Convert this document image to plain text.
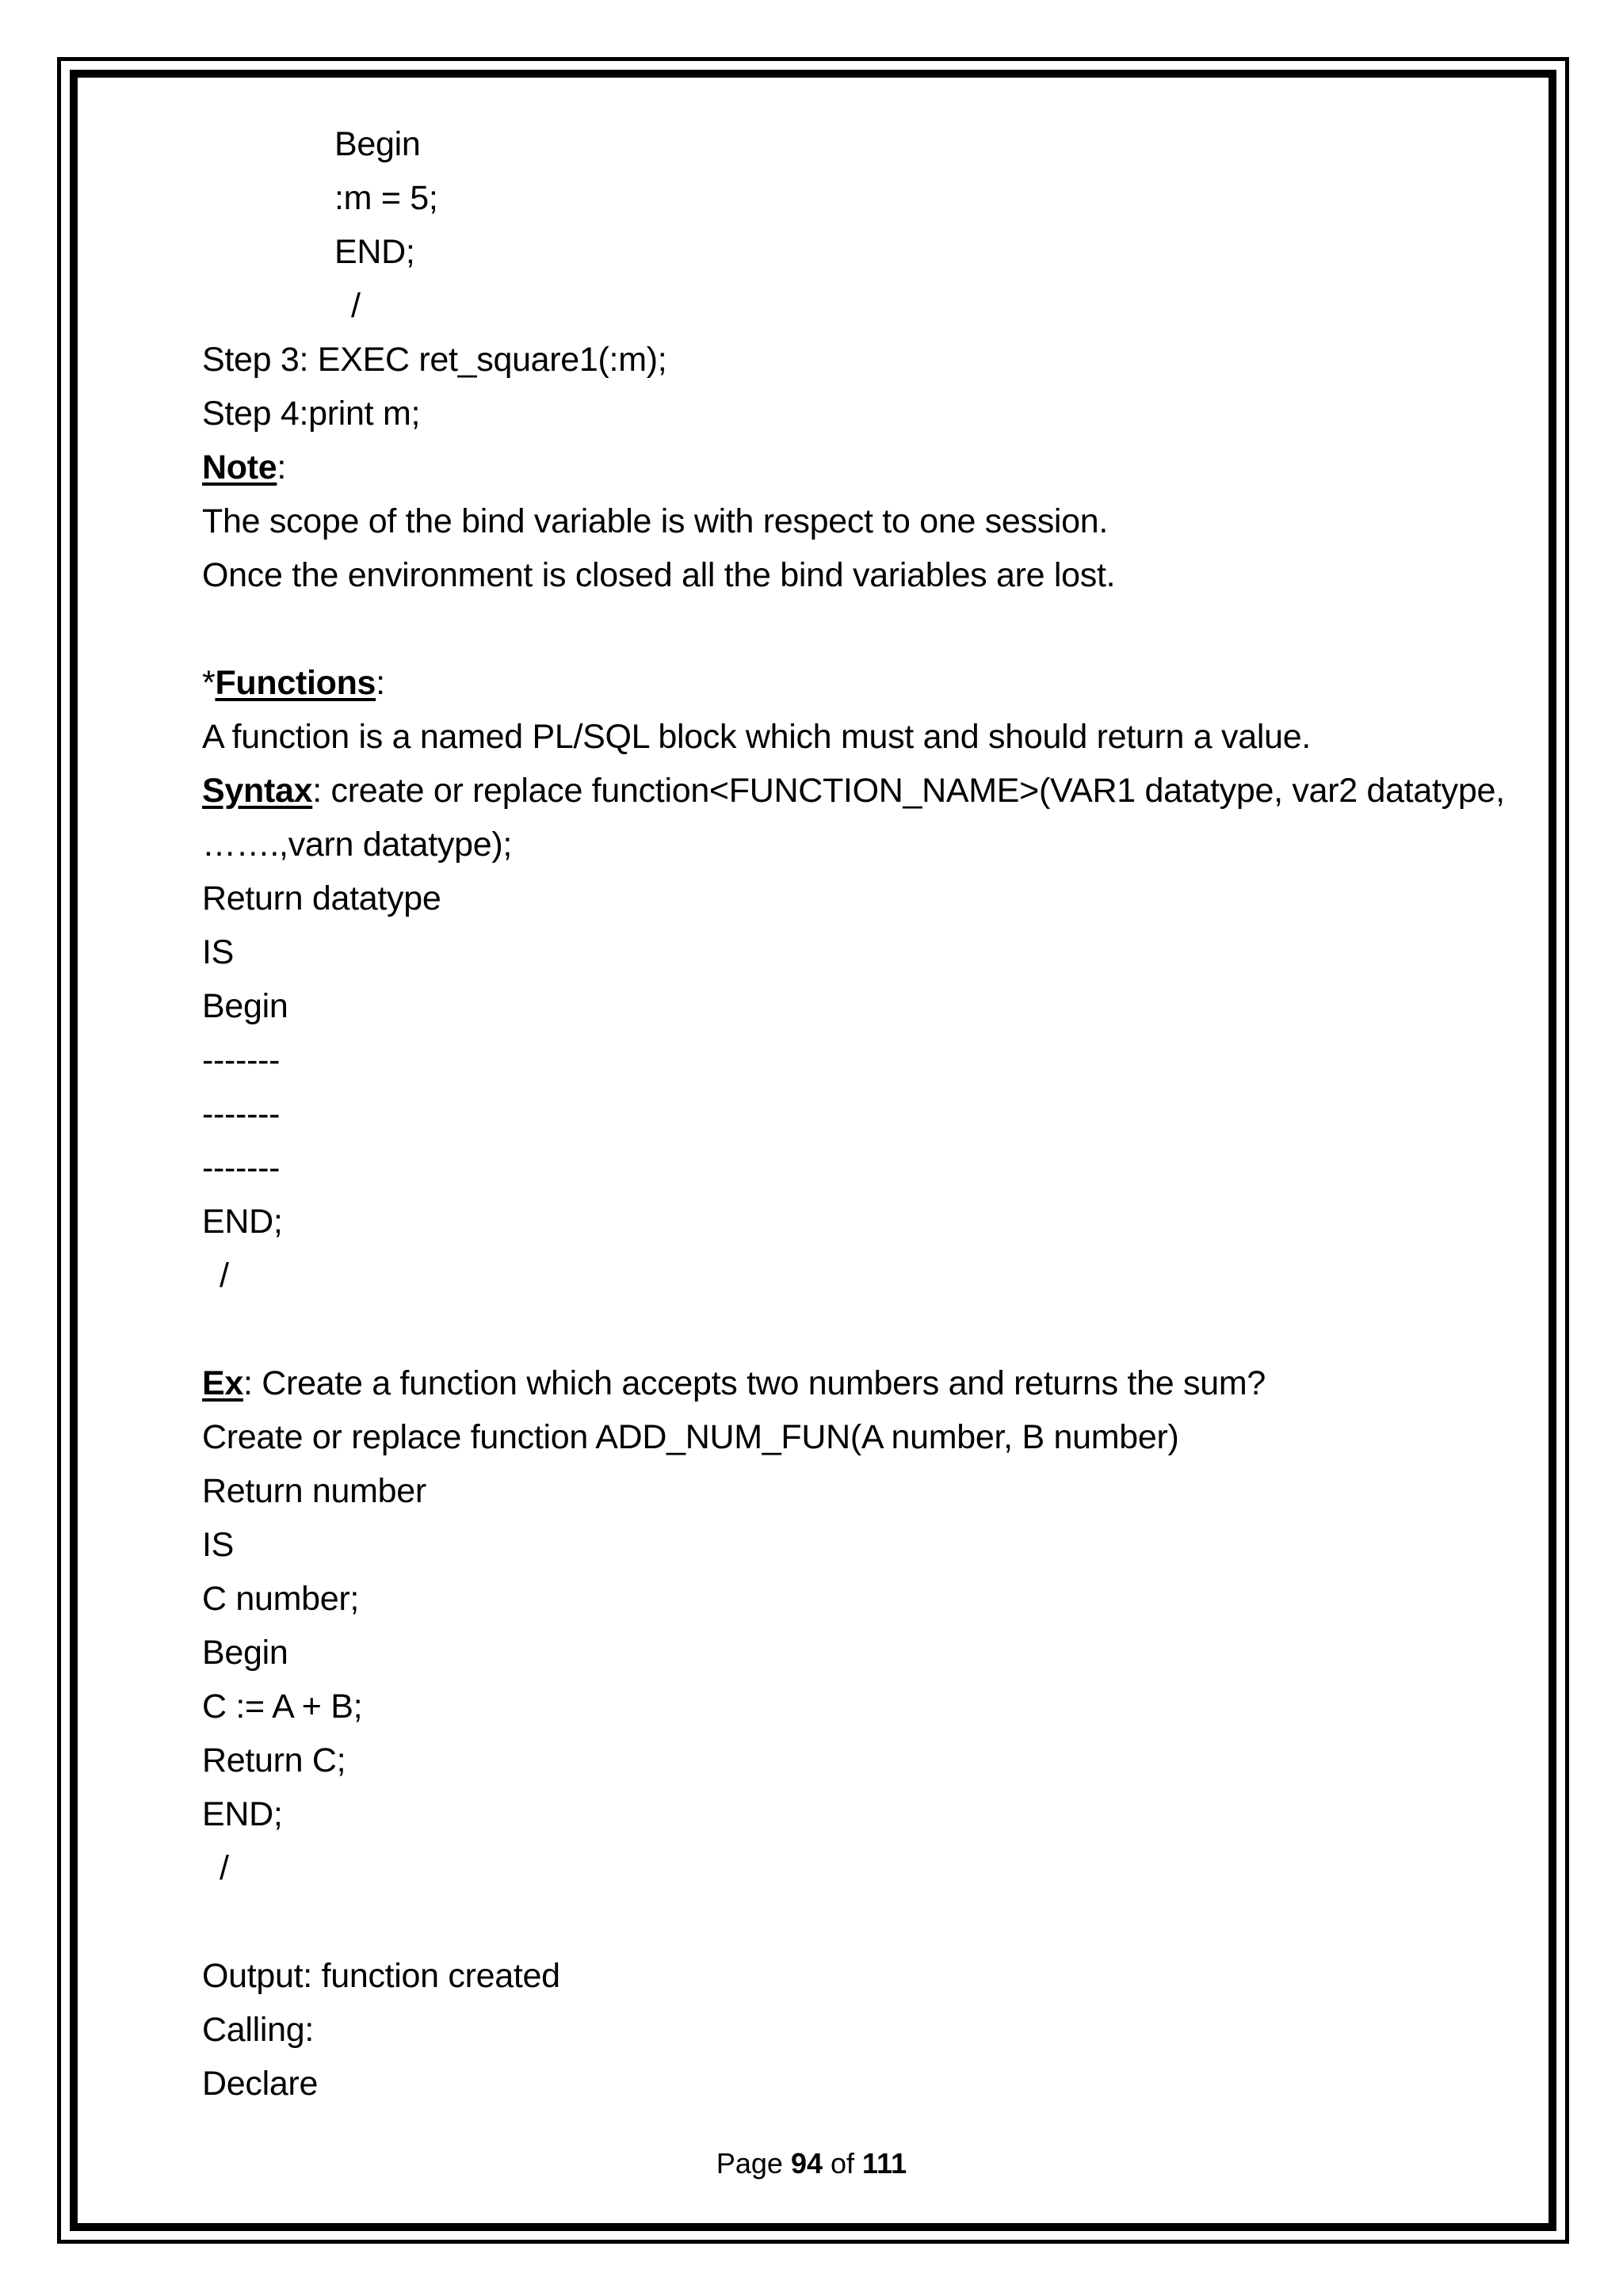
Begin
:m = 5;
END;
/
Step 3: EXEC ret_square1(:m);
Step 4:print m;
Note:
The scope of the bind variable is with respect to one session.
Once the environment is closed all the bind variables are lost.
*Functions:
A function is a named PL/SQL block which must and should return a value.
Syntax: create or replace function<FUNCTION_NAME>(VAR1 datatype, var2 datatype,
…….,varn datatype);
Return datatype
IS
Begin
-------
-------
-------
END;
/
Ex: Create a function which accepts two numbers and returns the sum?
Create or replace function ADD_NUM_FUN(A number, B number)
Return number
IS
C number;
Begin
C := A + B;
Return C;
END;
/
Output: function created
Calling:
Declare
Page 94 of 111
